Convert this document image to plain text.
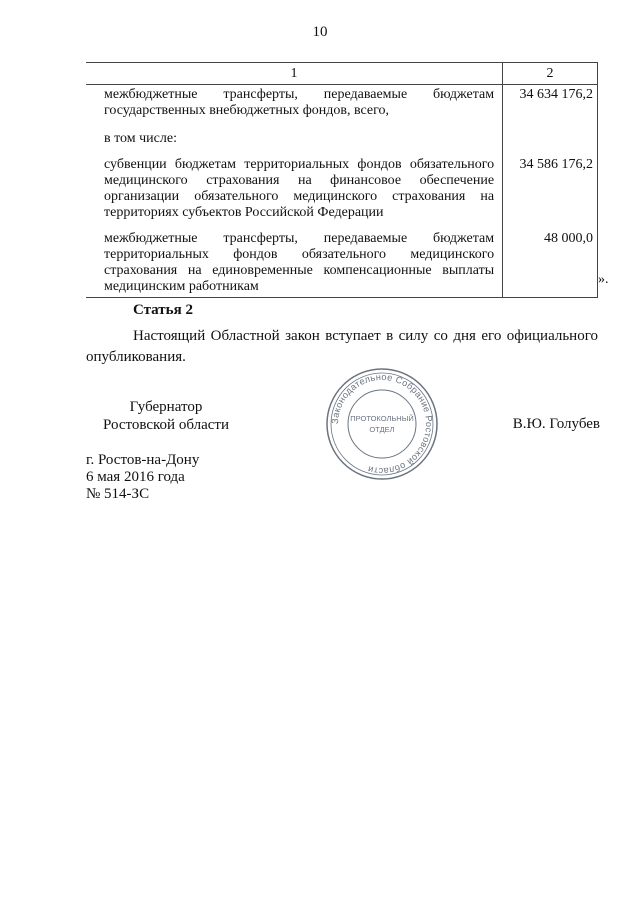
10
1	2
межбюджетные трансферты, передаваемые бюджетам государственных внебюджетных фондов, всего,	34 634 176,2
в том числе:	
субвенции бюджетам территориальных фондов обязательного медицинского страхования на финансовое обеспечение организации обязательного медицинского страхования на территориях субъектов Российской Федерации	34 586 176,2
межбюджетные трансферты, передаваемые бюджетам территориальных фондов обязательного медицинского страхования на единовременные компенсационные выплаты медицинским работникам	48 000,0
».
Статья 2
Настоящий Областной закон вступает в силу со дня его официального опубликования.
Губернатор
Ростовской области	В.Ю. Голубев
г. Ростов-на-Дону
6 мая 2016 года
№ 514-ЗС
Законодательное Собрание Ростовской области
ПРОТОКОЛЬНЫЙ
ОТДЕЛ
